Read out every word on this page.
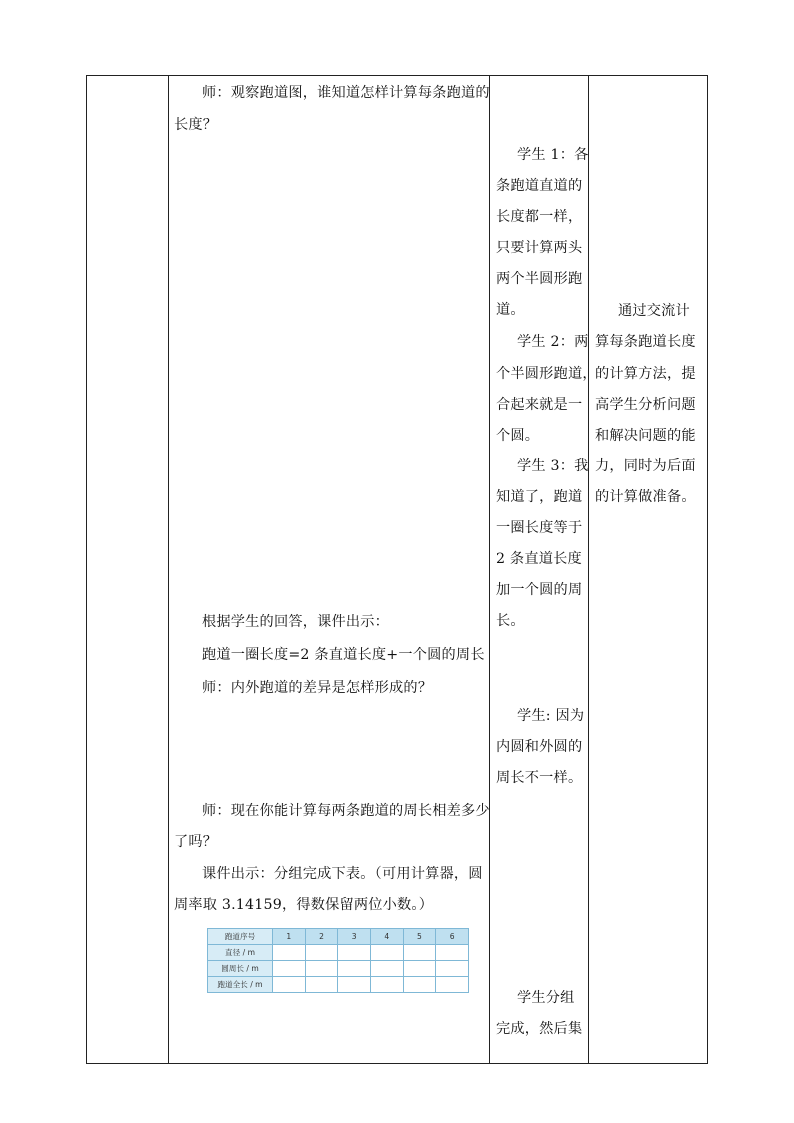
师：观察跑道图，谁知道怎样计算每条跑道的
长度？
根据学生的回答，课件出示：
跑道一圈长度=2 条直道长度+一个圆的周长
师：内外跑道的差异是怎样形成的？
师：现在你能计算每两条跑道的周长相差多少
了吗？
课件出示：分组完成下表。（可用计算器，圆
周率取 3.14159，得数保留两位小数。）
跑道序号	1	2	3	4	5	6
直径 / m						
圆周长 / m						
跑道全长 / m						
学生 1：各
条跑道直道的
长度都一样，
只要计算两头
两个半圆形跑
道。
学生 2：两
个半圆形跑道，
合起来就是一
个圆。
学生 3：我
知道了，跑道
一圈长度等于
2 条直道长度
加一个圆的周
长。
学生: 因为
内圆和外圆的
周长不一样。
学生分组
完成，然后集
通过交流计
算每条跑道长度
的计算方法，提
高学生分析问题
和解决问题的能
力，同时为后面
的计算做准备。
